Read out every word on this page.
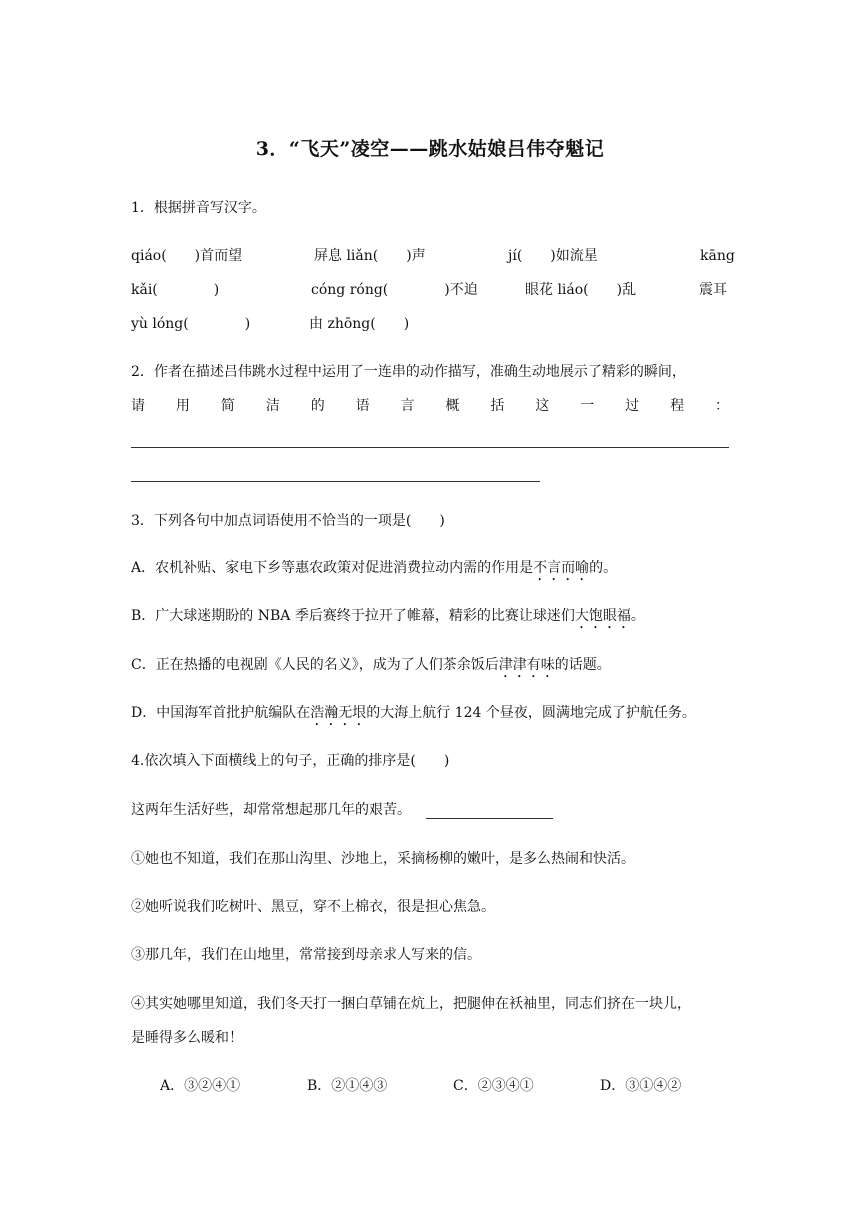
3．“飞天”凌空——跳水姑娘吕伟夺魁记
1．根据拼音写汉字。
qiáo(　　)首而望	屏息 liǎn(　　)声	jí(　　)如流星	kāng
kǎi(　　　　)	cóng róng(　　　　)不迫	眼花 liáo(　　)乱	震耳
yù lóng(　　　　)	由 zhōng(　　)
2．作者在描述吕伟跳水过程中运用了一连串的动作描写，准确生动地展示了精彩的瞬间，
请 用 简 洁 的 语 言 概 括 这 一 过 程 ：
3．下列各句中加点词语使用不恰当的一项是(　　)
A．农机补贴、家电下乡等惠农政策对促进消费拉动内需的作用是不言而喻的。
B．广大球迷期盼的 NBA 季后赛终于拉开了帷幕，精彩的比赛让球迷们大饱眼福。
C．正在热播的电视剧《人民的名义》，成为了人们茶余饭后津津有味的话题。
D．中国海军首批护航编队在浩瀚无垠的大海上航行 124 个昼夜，圆满地完成了护航任务。
4.依次填入下面横线上的句子，正确的排序是(　　)
这两年生活好些，却常常想起那几年的艰苦。
①她也不知道，我们在那山沟里、沙地上，采摘杨柳的嫩叶，是多么热闹和快活。
②她听说我们吃树叶、黑豆，穿不上棉衣，很是担心焦急。
③那几年，我们在山地里，常常接到母亲求人写来的信。
④其实她哪里知道，我们冬天打一捆白草铺在炕上，把腿伸在袄袖里，同志们挤在一块儿，
是睡得多么暖和！
A．③②④①	B．②①④③	C．②③④①	D．③①④②
